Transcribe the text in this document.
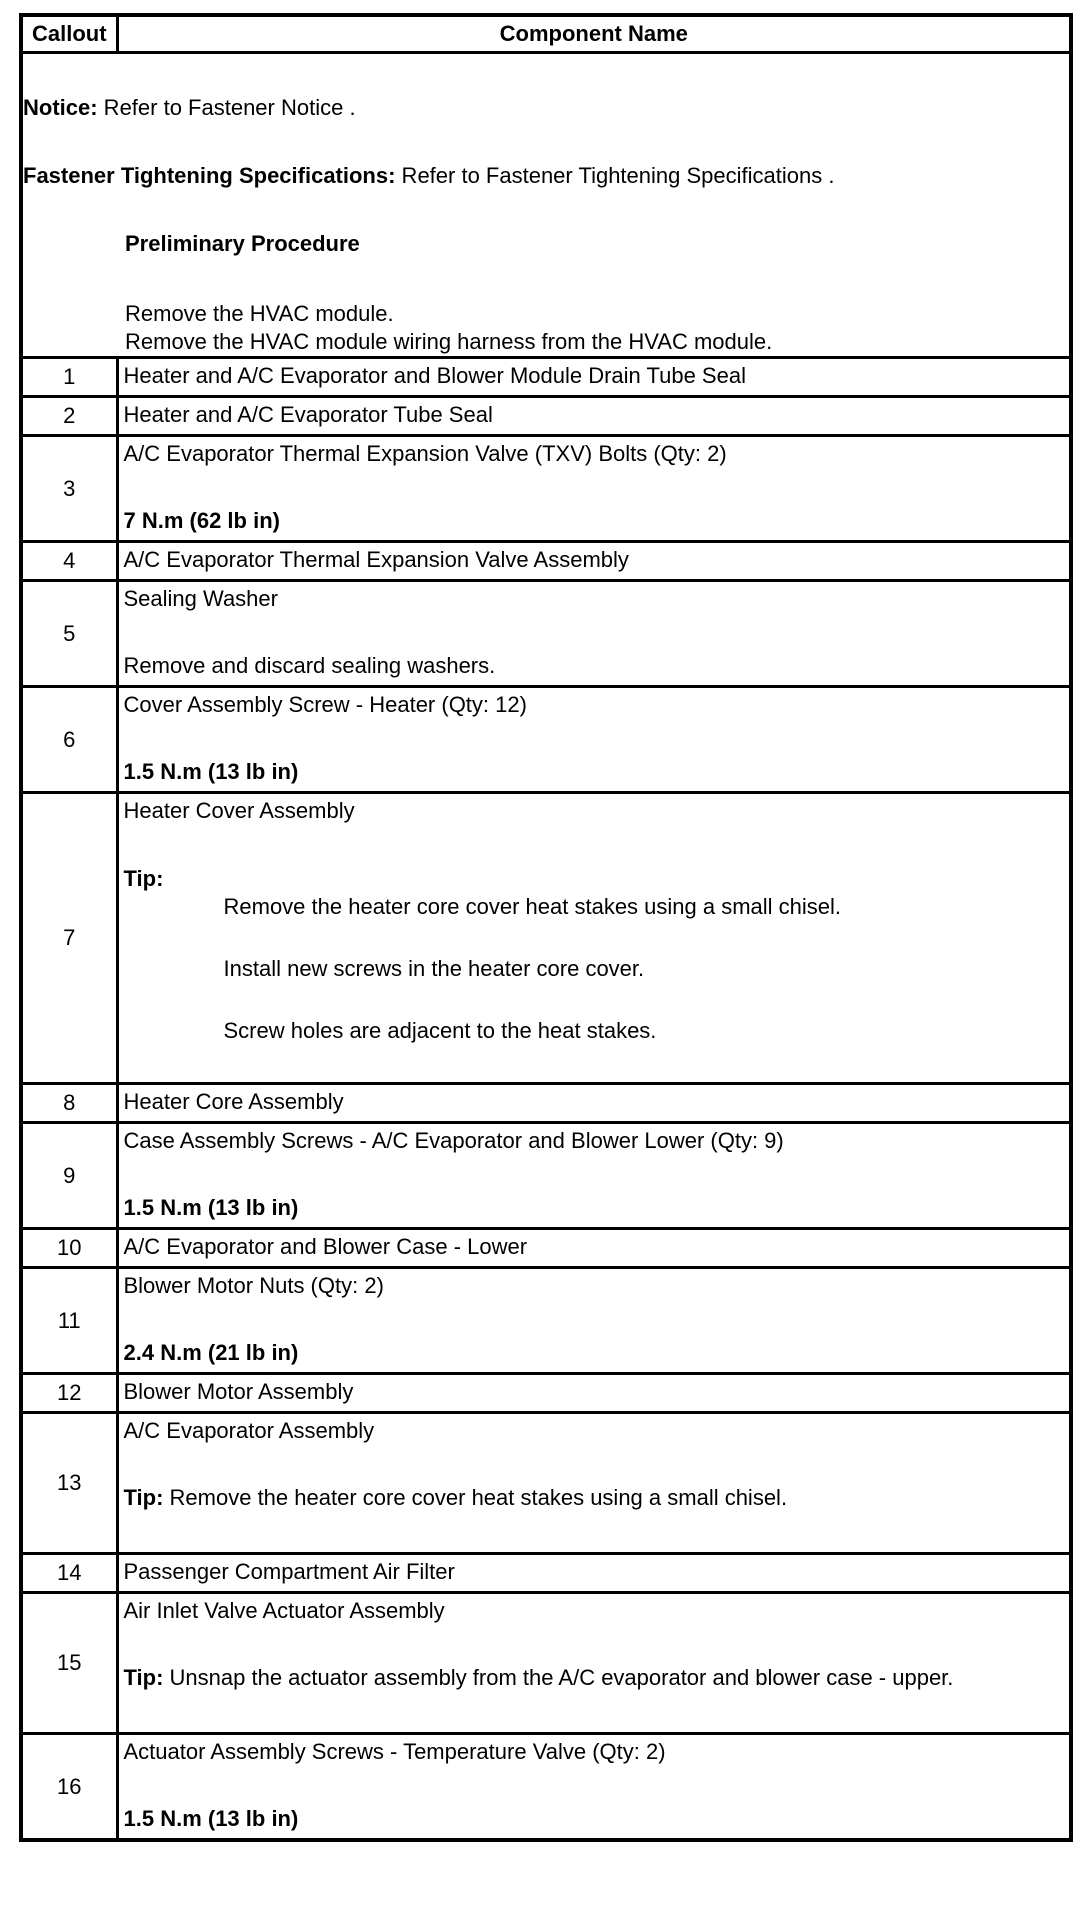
Callout	Component Name

Notice: Refer to Fastener Notice .

Fastener Tightening Specifications: Refer to Fastener Tightening Specifications .

Preliminary Procedure

Remove the HVAC module.

Remove the HVAC module wiring harness from the HVAC module.	

1	Heater and A/C Evaporator and Blower Module Drain Tube Seal
2	Heater and A/C Evaporator Tube Seal
3	A/C Evaporator Thermal Expansion Valve (TXV) Bolts (Qty: 2)
7 N.m (62 lb in)

4	A/C Evaporator Thermal Expansion Valve Assembly
5	Sealing Washer
Remove and discard sealing washers.

6	Cover Assembly Screw - Heater (Qty: 12)
1.5 N.m (13 lb in)

7	Heater Cover Assembly
Tip:

Remove the heater core cover heat stakes using a small chisel.

Install new screws in the heater core cover.

Screw holes are adjacent to the heat stakes.

8	Heater Core Assembly
9	Case Assembly Screws - A/C Evaporator and Blower Lower (Qty: 9)
1.5 N.m (13 lb in)

10	A/C Evaporator and Blower Case - Lower
11	Blower Motor Nuts (Qty: 2)
2.4 N.m (21 lb in)

12	Blower Motor Assembly
13	A/C Evaporator Assembly
Tip: Remove the heater core cover heat stakes using a small chisel.

14	Passenger Compartment Air Filter
15	Air Inlet Valve Actuator Assembly
Tip: Unsnap the actuator assembly from the A/C evaporator and blower case - upper.

16	Actuator Assembly Screws - Temperature Valve (Qty: 2)
1.5 N.m (13 lb in)
